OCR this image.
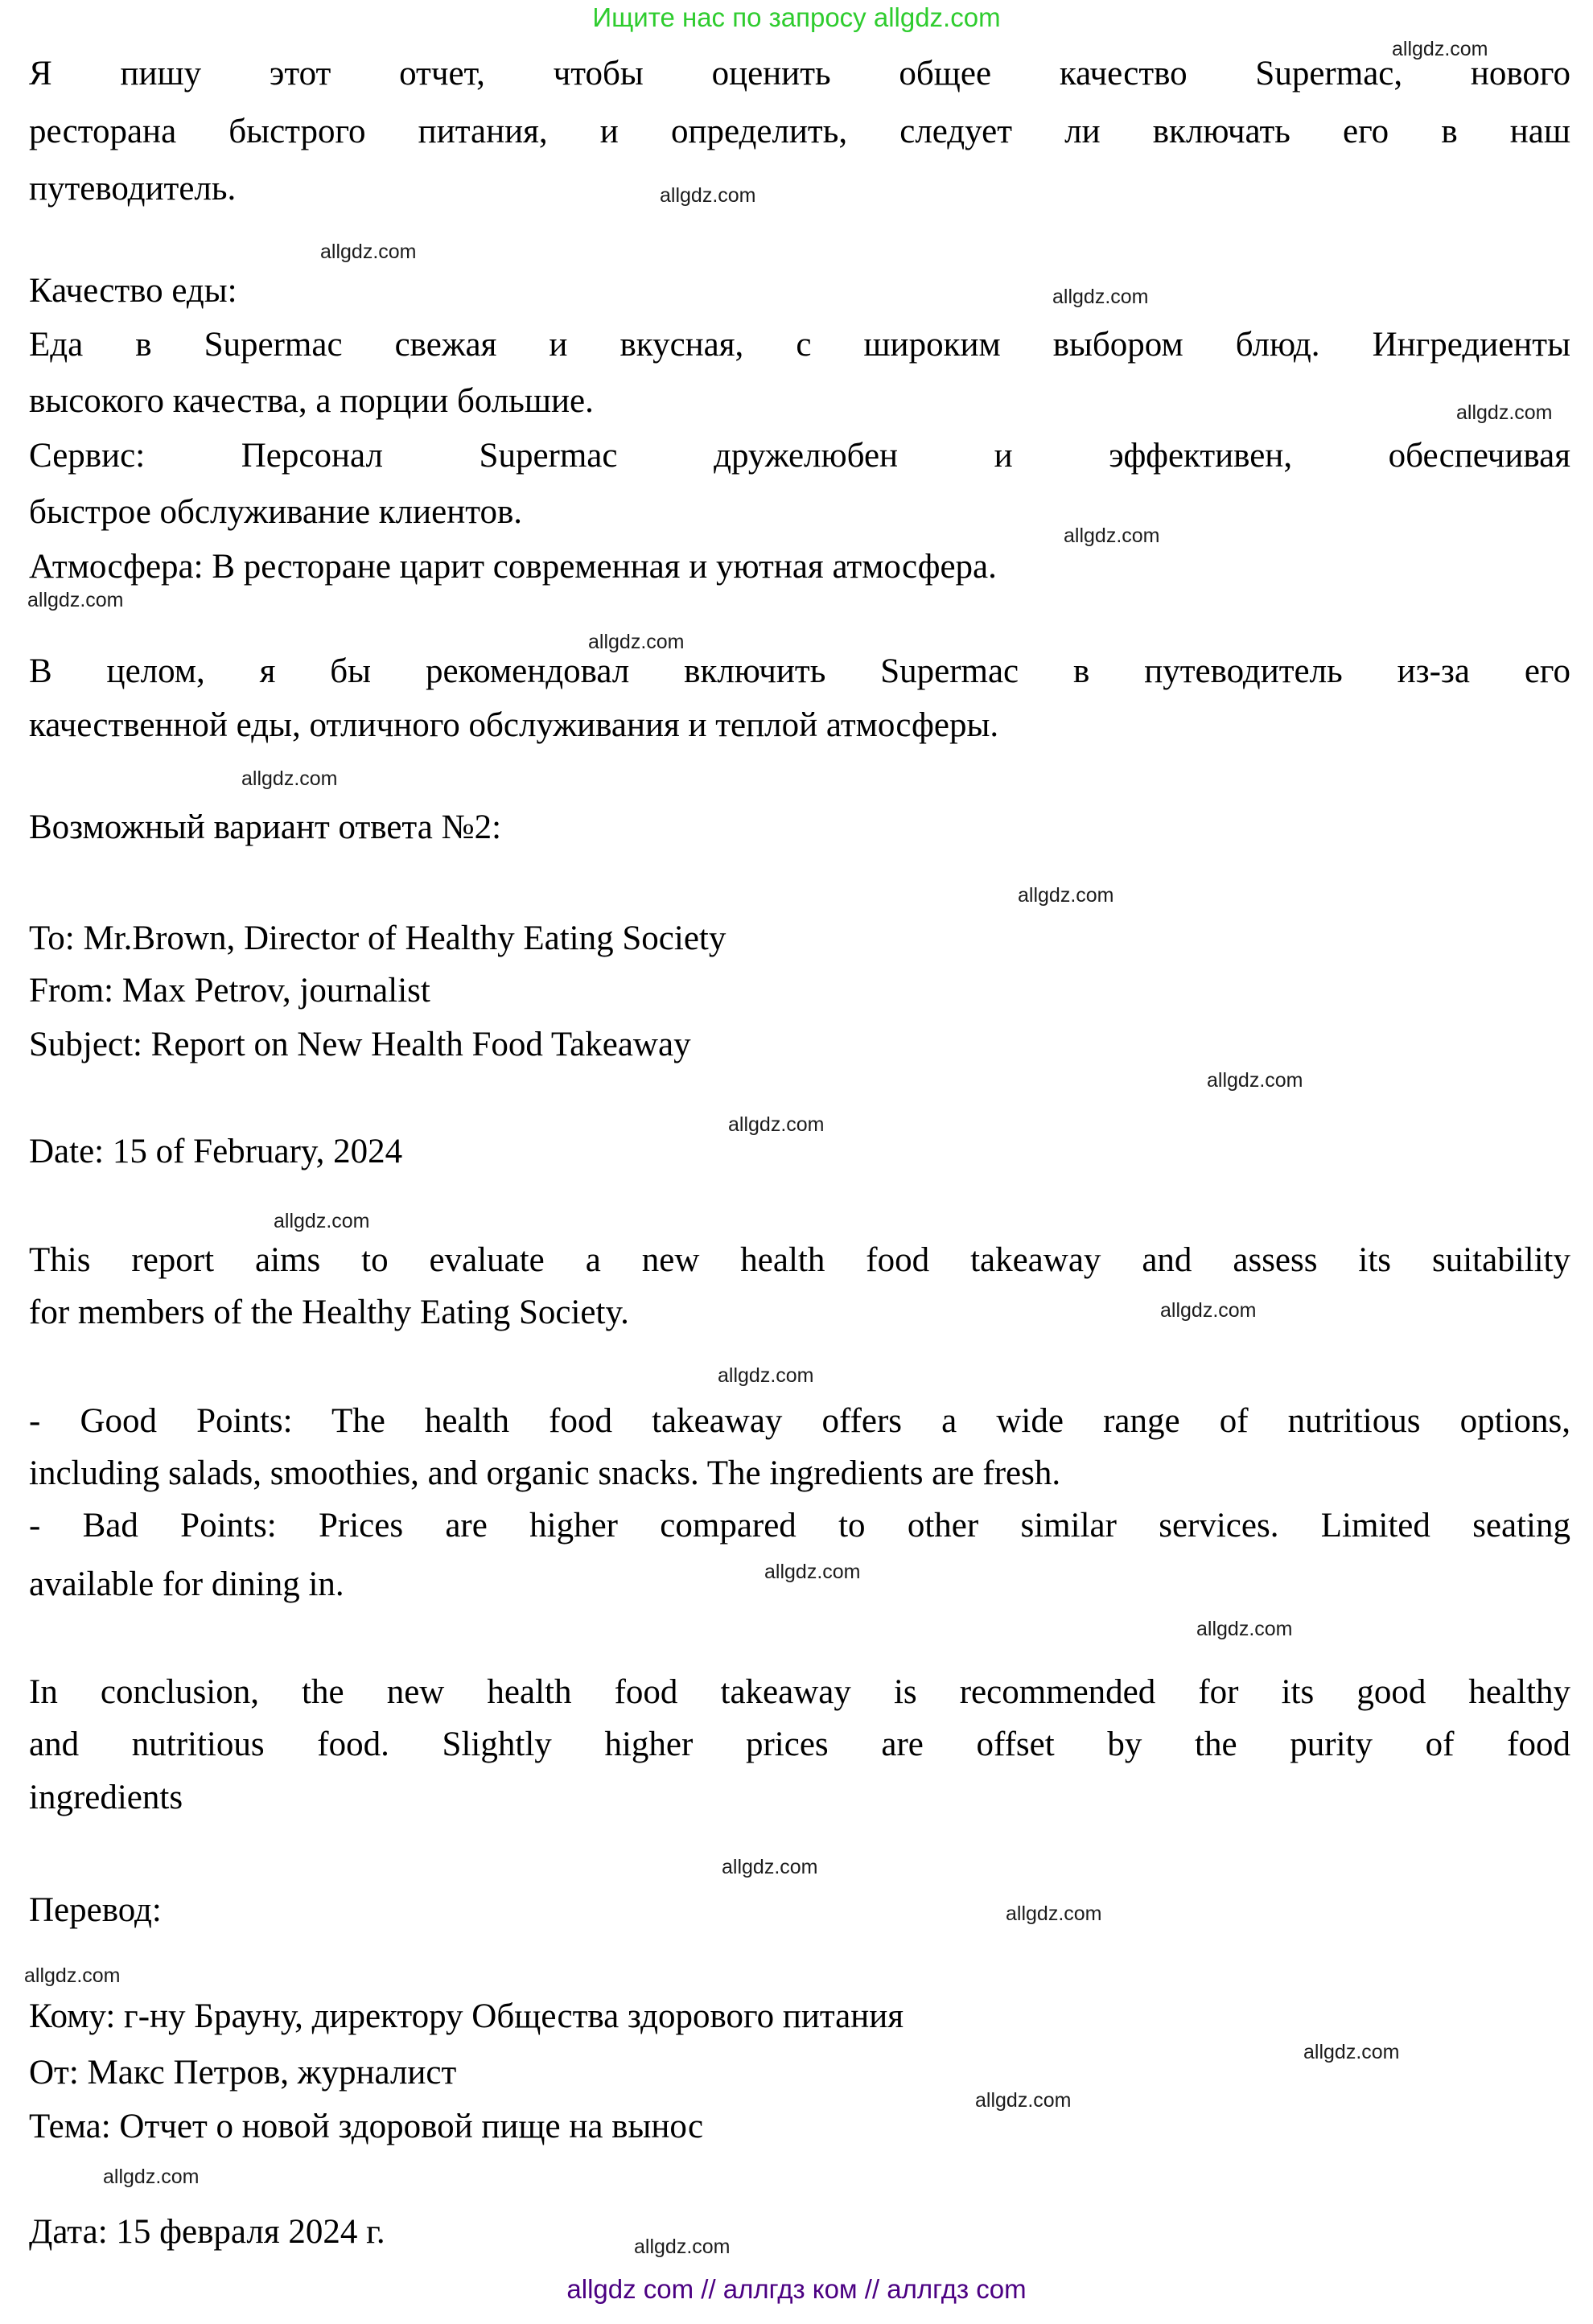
Ищите нас по запросу allgdz.com
allgdz.com
allgdz.com
allgdz.com
allgdz.com
allgdz.com
allgdz.com
allgdz.com
allgdz.com
allgdz.com
allgdz.com
allgdz.com
allgdz.com
allgdz.com
allgdz.com
allgdz.com
allgdz.com
allgdz.com
allgdz.com
allgdz.com
allgdz.com
allgdz.com
allgdz.com
allgdz.com
allgdz.com
Я пишу этот отчет, чтобы оценить общее качество Supermac, нового
ресторана быстрого питания, и определить, следует ли включать его в наш
путеводитель.
Качество еды:
Еда в Supermac свежая и вкусная, с широким выбором блюд. Ингредиенты
высокого качества, а порции большие.
Сервис: Персонал Supermac дружелюбен и эффективен, обеспечивая
быстрое обслуживание клиентов.
Атмосфера: В ресторане царит современная и уютная атмосфера.
В целом, я бы рекомендовал включить Supermac в путеводитель из-за его
качественной еды, отличного обслуживания и теплой атмосферы.
Возможный вариант ответа №2:
To: Mr.Brown, Director of Healthy Eating Society
From: Max Petrov, journalist
Subject: Report on New Health Food Takeaway
Date: 15 of February, 2024
This report aims to evaluate a new health food takeaway and assess its suitability
for members of the Healthy Eating Society.
- Good Points: The health food takeaway offers a wide range of nutritious options,
including salads, smoothies, and organic snacks. The ingredients are fresh.
- Bad Points: Prices are higher compared to other similar services. Limited seating
available for dining in.
In conclusion, the new health food takeaway is recommended for its good healthy
and nutritious food. Slightly higher prices are offset by the purity of food
ingredients
Перевод:
Кому: г-ну Брауну, директору Общества здорового питания
От: Макс Петров, журналист
Тема: Отчет о новой здоровой пище на вынос
Дата: 15 февраля 2024 г.
allgdz com // аллгдз ком // аллгдз com
